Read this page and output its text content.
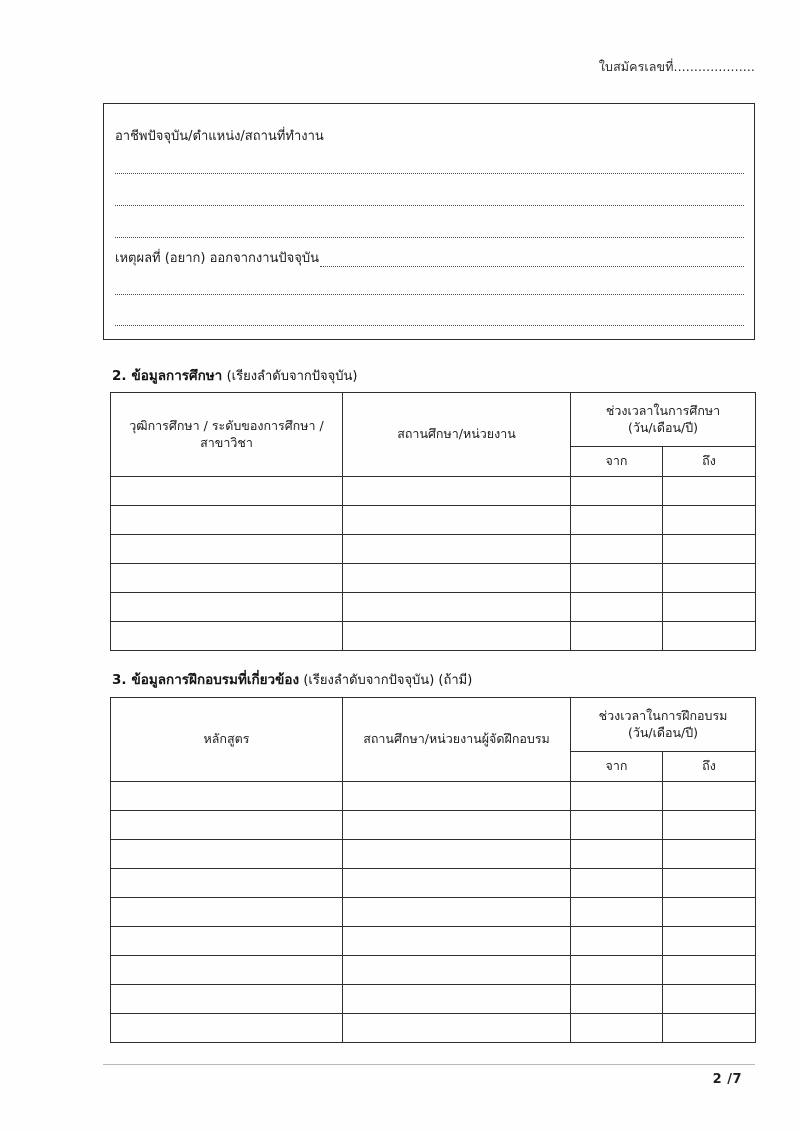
ใบสมัครเลขที่....................
อาชีพปัจจุบัน/ตำแหน่ง/สถานที่ทำงาน
เหตุผลที่ (อยาก) ออกจากงานปัจจุบัน
2. ข้อมูลการศึกษา (เรียงลำดับจากปัจจุบัน)
วุฒิการศึกษา / ระดับของการศึกษา / สาขาวิชา	สถานศึกษา/หน่วยงาน	ช่วงเวลาในการศึกษา
(วัน/เดือน/ปี)	
		จาก	ถึง

3. ข้อมูลการฝึกอบรมที่เกี่ยวข้อง (เรียงลำดับจากปัจจุบัน) (ถ้ามี)
หลักสูตร	สถานศึกษา/หน่วยงานผู้จัดฝึกอบรม	ช่วงเวลาในการฝึกอบรม
(วัน/เดือน/ปี)	
		จาก	ถึง

2 /7
